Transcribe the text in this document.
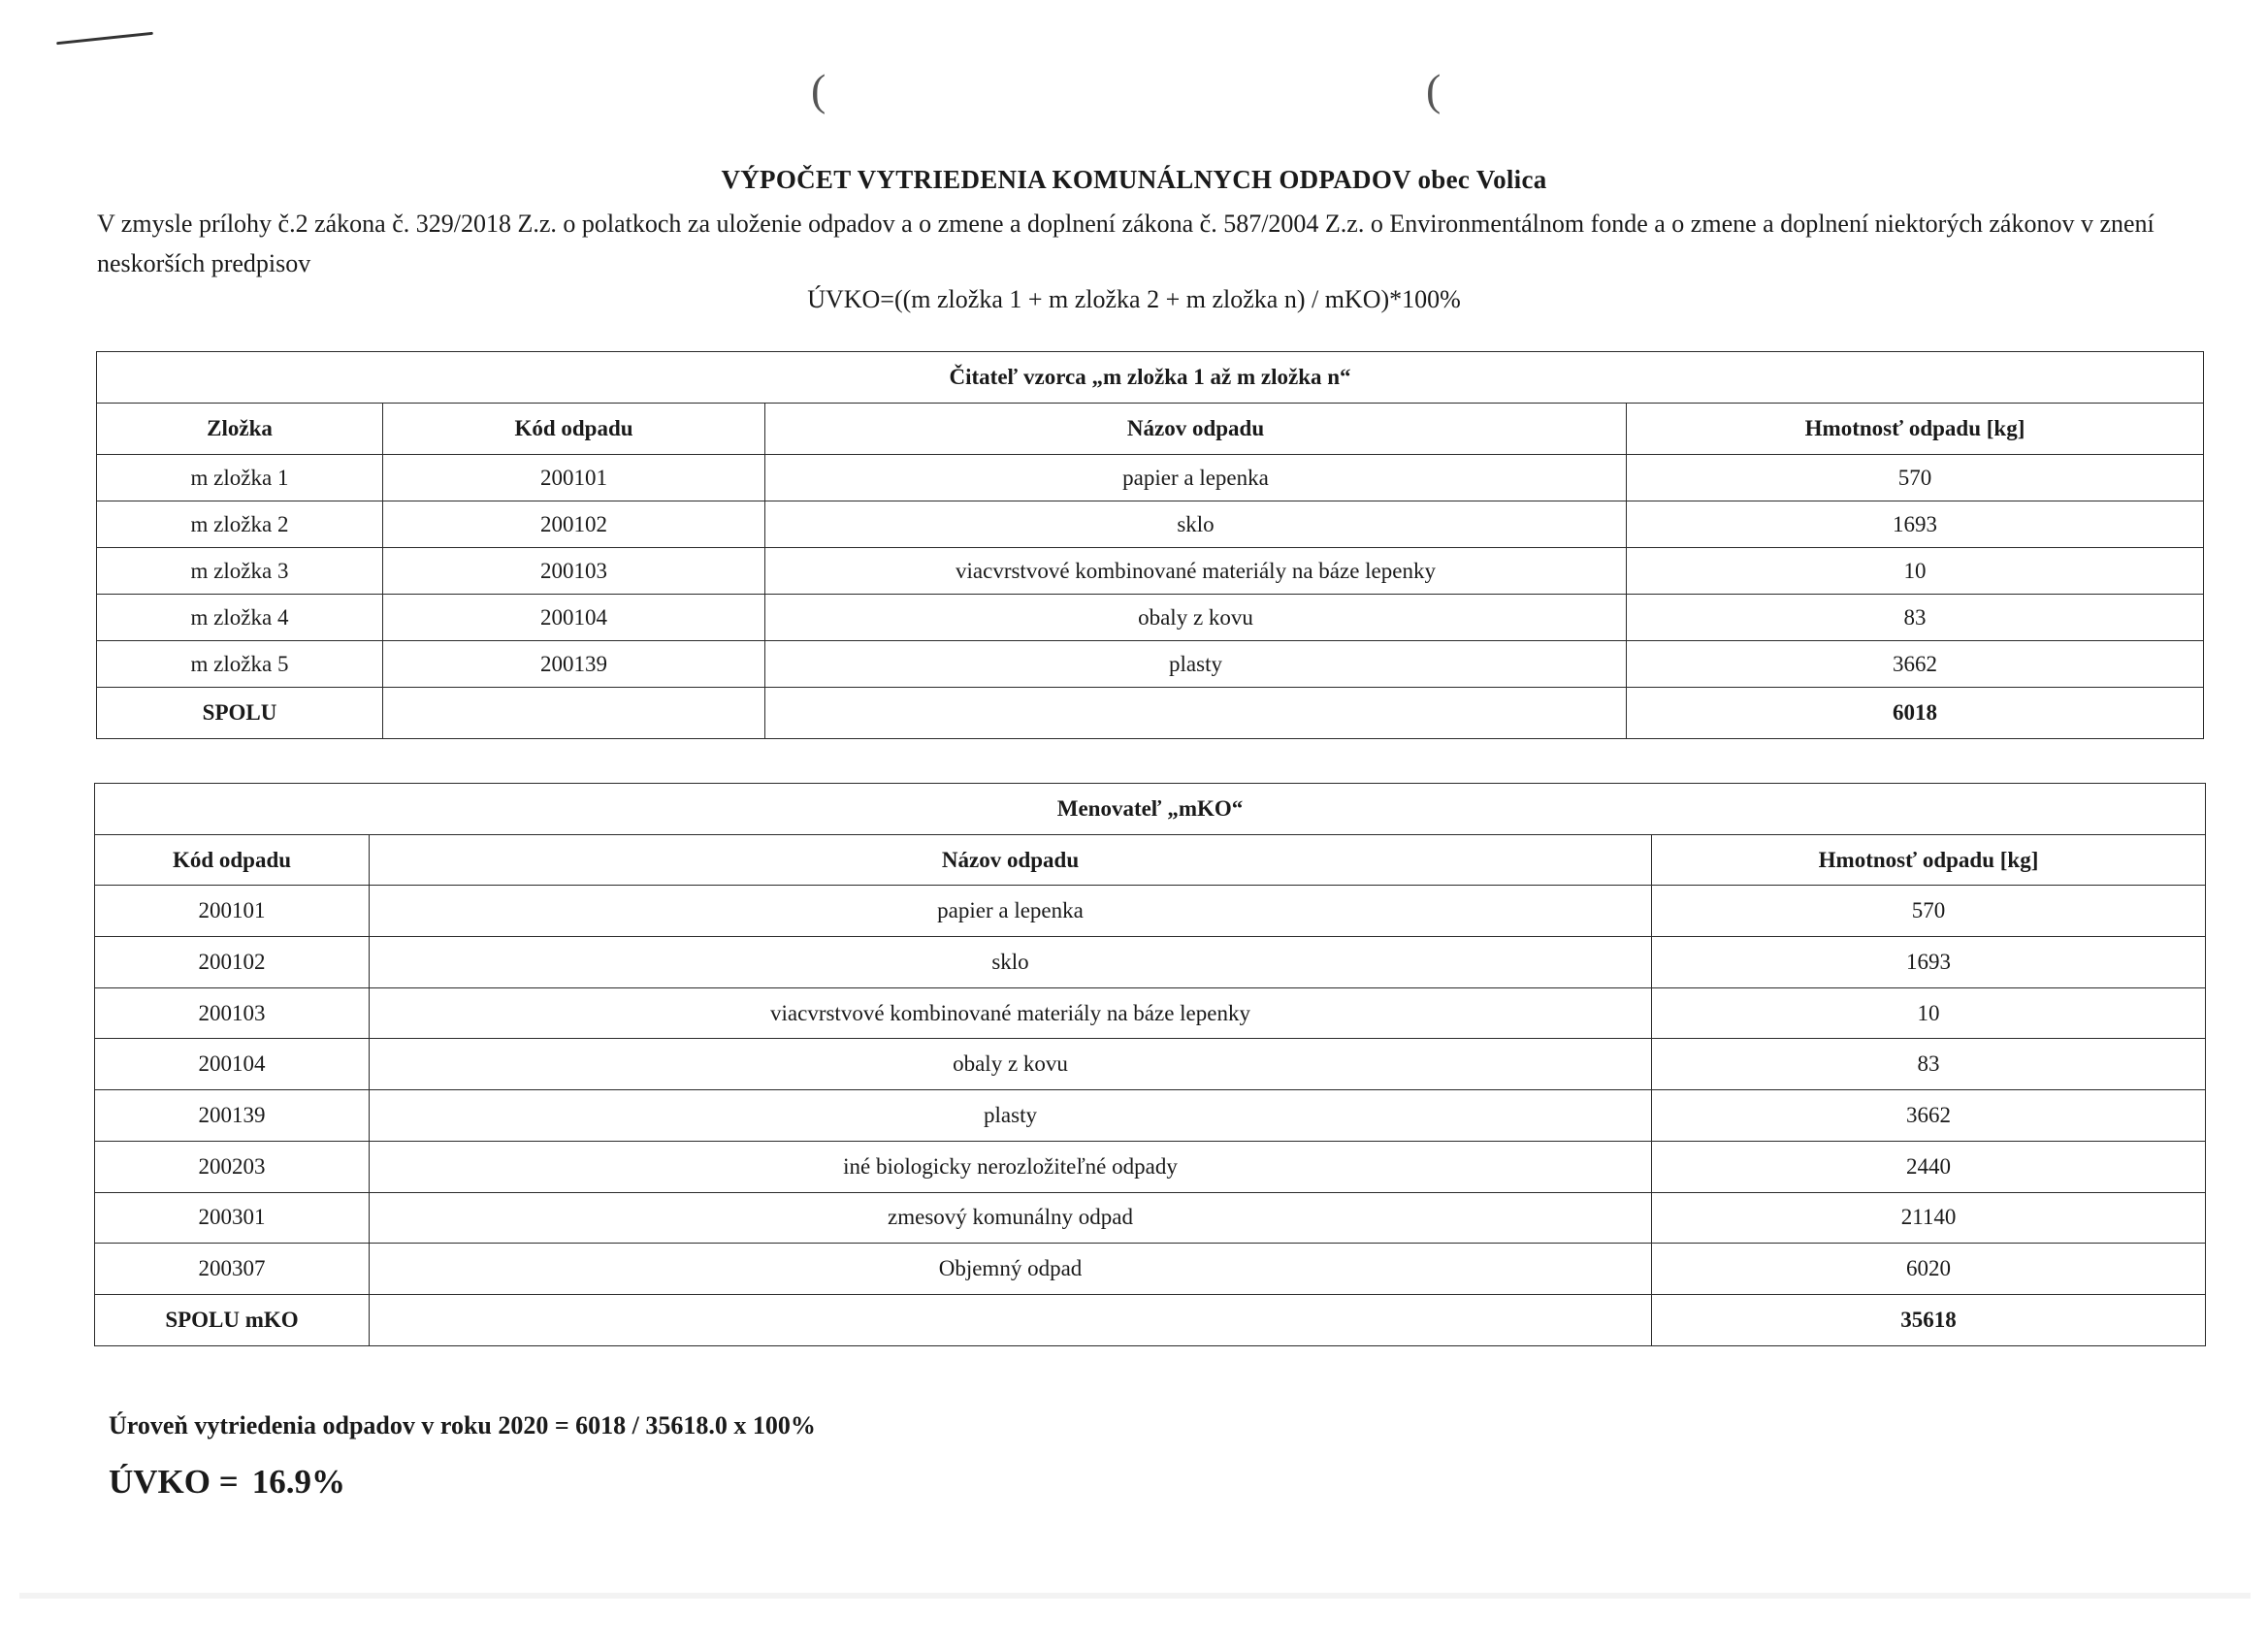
(	(
VÝPOČET VYTRIEDENIA KOMUNÁLNYCH ODPADOV obec Volica
V zmysle prílohy č.2 zákona č. 329/2018 Z.z. o polatkoch za uloženie odpadov a o zmene a doplnení zákona č. 587/2004 Z.z. o Environmentálnom fonde a o zmene a doplnení niektorých zákonov v znení neskorších predpisov
ÚVKO=((m zložka 1 + m zložka 2 + m zložka n) / mKO)*100%
Čitateľ vzorca „m zložka 1 až m zložka n“			
Zložka	Kód odpadu	Názov odpadu	Hmotnosť odpadu [kg]
m zložka 1	200101	papier a lepenka	570
m zložka 2	200102	sklo	1693
m zložka 3	200103	viacvrstvové kombinované materiály na báze lepenky	10
m zložka 4	200104	obaly z kovu	83
m zložka 5	200139	plasty	3662
SPOLU			6018
Menovateľ „mKO“		
Kód odpadu	Názov odpadu	Hmotnosť odpadu [kg]
200101	papier a lepenka	570
200102	sklo	1693
200103	viacvrstvové kombinované materiály na báze lepenky	10
200104	obaly z kovu	83
200139	plasty	3662
200203	iné biologicky nerozložiteľné odpady	2440
200301	zmesový komunálny odpad	21140
200307	Objemný odpad	6020
SPOLU mKO		35618
Úroveň vytriedenia odpadov v roku 2020 = 6018 / 35618.0 x 100%
ÚVKO = 16.9%
